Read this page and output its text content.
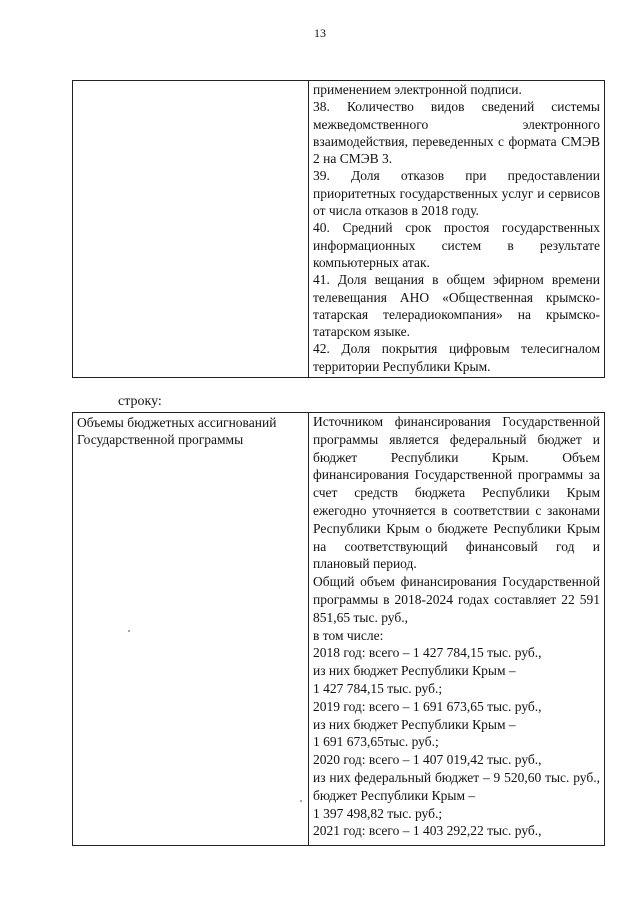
13

применением электронной подписи.

38. Количество видов сведений системы межведомственного электронного взаимодействия, переведенных с формата СМЭВ 2 на СМЭВ 3.

39. Доля отказов при предоставлении приоритетных государственных услуг и сервисов от числа отказов в 2018 году.

40. Средний срок простоя государственных информационных систем в результате компьютерных атак.

41. Доля вещания в общем эфирном времени телевещания АНО «Общественная крымско-татарская телерадиокомпания» на крымско-татарском языке.

42. Доля покрытия цифровым телесигналом территории Республики Крым.

строку:
Объемы бюджетных ассигнований Государственной программы

Источником финансирования Государственной программы является федеральный бюджет и бюджет Республики Крым. Объем финансирования Государственной программы за счет средств бюджета Республики Крым ежегодно уточняется в соответствии с законами Республики Крым о бюджете Республики Крым на соответствующий финансовый год и плановый период.

Общий объем финансирования Государственной программы в 2018-2024 годах составляет 22 591 851,65 тыс. руб.,

в том числе:

2018 год: всего – 1 427 784,15 тыс. руб.,

из них бюджет Республики Крым –

1 427 784,15 тыс. руб.;

2019 год: всего – 1 691 673,65 тыс. руб.,

из них бюджет Республики Крым –

1 691 673,65тыс. руб.;

2020 год: всего – 1 407 019,42 тыс. руб.,

из них федеральный бюджет – 9 520,60 тыс. руб., бюджет Республики Крым –

1 397 498,82 тыс. руб.;

2021 год: всего – 1 403 292,22 тыс. руб.,
